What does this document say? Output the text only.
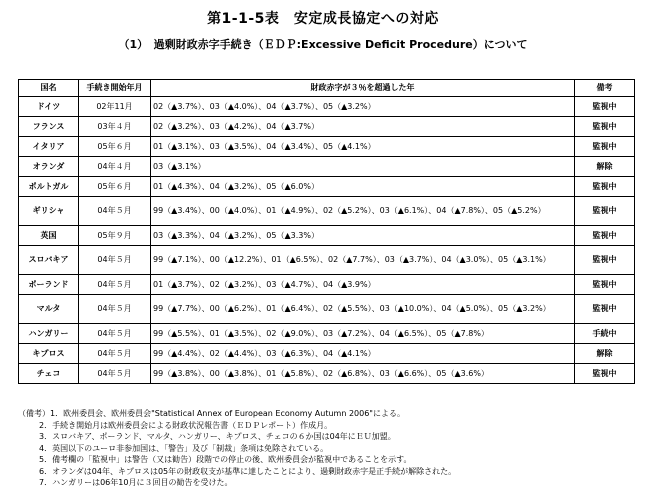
第1-1-5表　安定成長協定への対応
（1）　過剰財政赤字手続き（ＥＤＰ:Excessive Deficit Procedure）について
国名	手続き開始年月	財政赤字が３％を超過した年	備考
ドイツ	02年11月	02（▲3.7%）、03（▲4.0%）、04（▲3.7%）、05（▲3.2%）	監視中
フランス	03年４月	02（▲3.2%）、03（▲4.2%）、04（▲3.7%）	監視中
イタリア	05年６月	01（▲3.1%）、03（▲3.5%）、04（▲3.4%）、05（▲4.1%）	監視中
オランダ	04年４月	03（▲3.1%）	解除
ポルトガル	05年６月	01（▲4.3%）、04（▲3.2%）、05（▲6.0%）	監視中
ギリシャ	04年５月	99（▲3.4%）、00（▲4.0%）、01（▲4.9%）、02（▲5.2%）、03（▲6.1%）、04（▲7.8%）、05（▲5.2%）	監視中
英国	05年９月	03（▲3.3%）、04（▲3.2%）、05（▲3.3%）	監視中
スロバキア	04年５月	99（▲7.1%）、00（▲12.2%）、01（▲6.5%）、02（▲7.7%）、03（▲3.7%）、04（▲3.0%）、05（▲3.1%）	監視中
ポーランド	04年５月	01（▲3.7%）、02（▲3.2%）、03（▲4.7%）、04（▲3.9%）	監視中
マルタ	04年５月	99（▲7.7%）、00（▲6.2%）、01（▲6.4%）、02（▲5.5%）、03（▲10.0%）、04（▲5.0%）、05（▲3.2%）	監視中
ハンガリー	04年５月	99（▲5.5%）、01（▲3.5%）、02（▲9.0%）、03（▲7.2%）、04（▲6.5%）、05（▲7.8%）	手続中
キプロス	04年５月	99（▲4.4%）、02（▲4.4%）、03（▲6.3%）、04（▲4.1%）	解除
チェコ	04年５月	99（▲3.8%）、00（▲3.8%）、01（▲5.8%）、02（▲6.8%）、03（▲6.6%）、05（▲3.6%）	監視中
（備考）1．欧州委員会、欧州委員会"Statistical Annex of European Economy Autumn 2006"による。
2．手続き開始月は欧州委員会による財政状況報告書（ＥＤＰレポート）作成月。
3．スロバキア、ポーランド、マルタ、ハンガリー、キプロス、チェコの６か国は04年にＥＵ加盟。
4．英国以下のユーロ非参加国は、「警告」及び「制裁」条項は免除されている。
5．備考欄の「監視中」は警告（又は勧告）段階での停止の後、欧州委員会が監視中であることを示す。
6．オランダは04年、キプロスは05年の財政収支が基準に達したことにより、過剰財政赤字是正手続が解除された。
7．ハンガリーは06年10月に３回目の勧告を受けた。
